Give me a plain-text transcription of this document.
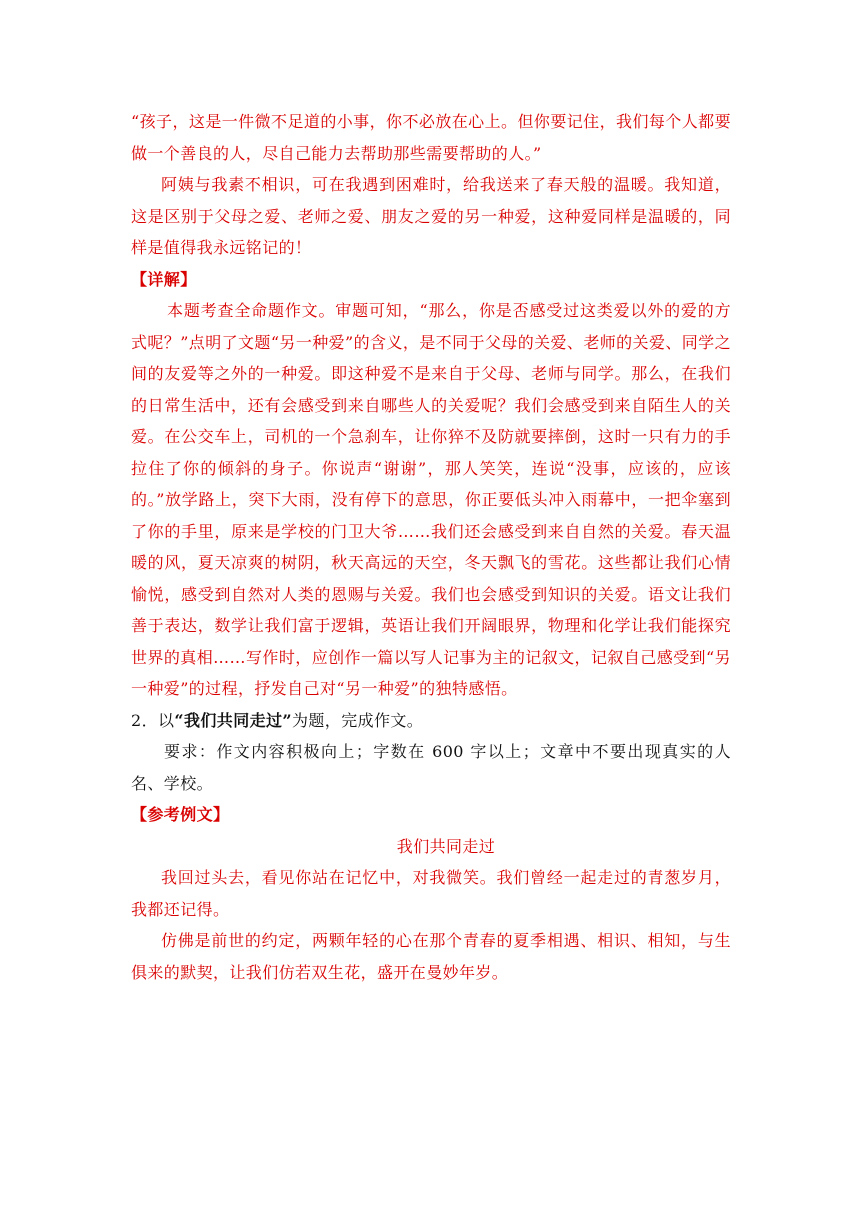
“孩子，这是一件微不足道的小事，你不必放在心上。但你要记住，我们每个人都要做一个善良的人，尽自己能力去帮助那些需要帮助的人。”

阿姨与我素不相识，可在我遇到困难时，给我送来了春天般的温暖。我知道，这是区别于父母之爱、老师之爱、朋友之爱的另一种爱，这种爱同样是温暖的，同样是值得我永远铭记的！

【详解】

本题考查全命题作文。审题可知，“那么，你是否感受过这类爱以外的爱的方式呢？”点明了文题“另一种爱”的含义，是不同于父母的关爱、老师的关爱、同学之间的友爱等之外的一种爱。即这种爱不是来自于父母、老师与同学。那么，在我们的日常生活中，还有会感受到来自哪些人的关爱呢？我们会感受到来自陌生人的关爱。在公交车上，司机的一个急刹车，让你猝不及防就要摔倒，这时一只有力的手拉住了你的倾斜的身子。你说声“谢谢”，那人笑笑，连说“没事，应该的，应该的。”放学路上，突下大雨，没有停下的意思，你正要低头冲入雨幕中，一把伞塞到了你的手里，原来是学校的门卫大爷……我们还会感受到来自自然的关爱。春天温暖的风，夏天凉爽的树阴，秋天高远的天空，冬天飘飞的雪花。这些都让我们心情愉悦，感受到自然对人类的恩赐与关爱。我们也会感受到知识的关爱。语文让我们善于表达，数学让我们富于逻辑，英语让我们开阔眼界，物理和化学让我们能探究世界的真相……写作时，应创作一篇以写人记事为主的记叙文，记叙自己感受到“另一种爱”的过程，抒发自己对“另一种爱”的独特感悟。

2．以“我们共同走过”为题，完成作文。

要求：作文内容积极向上；字数在 600 字以上；文章中不要出现真实的人名、学校。

【参考例文】

我们共同走过

我回过头去，看见你站在记忆中，对我微笑。我们曾经一起走过的青葱岁月，我都还记得。

仿佛是前世的约定，两颗年轻的心在那个青春的夏季相遇、相识、相知，与生俱来的默契，让我们仿若双生花，盛开在曼妙年岁。
